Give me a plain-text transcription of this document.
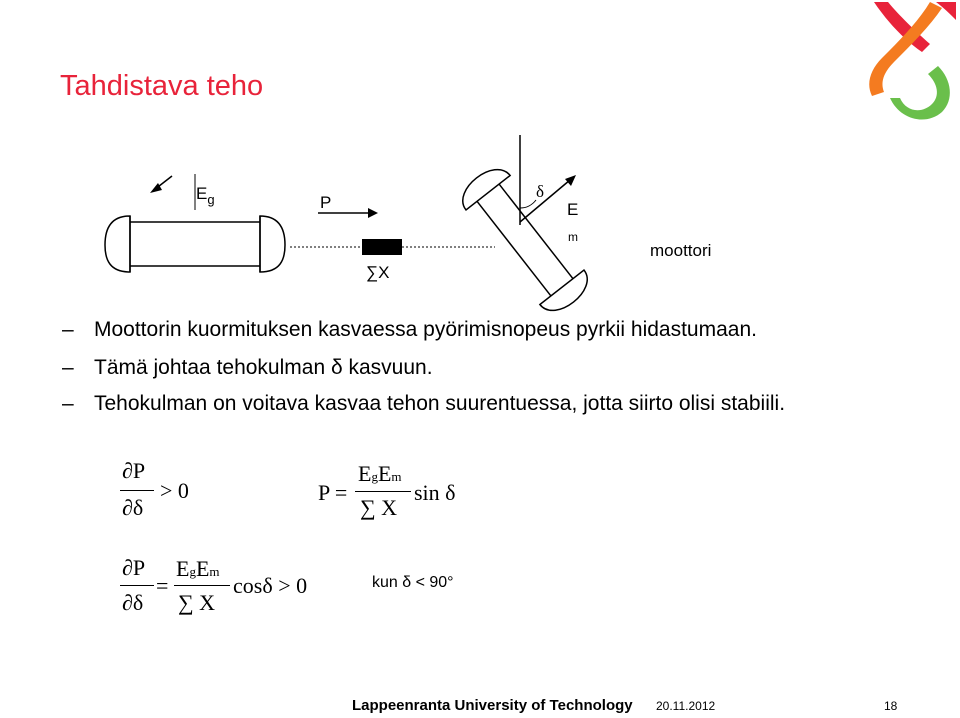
Tahdistava teho
$E_g$	P
∑X
δ
E
m
moottori
– Moottorin kuormituksen kasvaessa pyörimisnopeus pyrkii hidastumaan.
– Tämä johtaa tehokulman δ kasvuun.
– Tehokulman on voitava kasvaa tehon suurentuessa, jotta siirto olisi stabiili.
∂P
∂δ
> 0	P =
EgEm
∑ X
sin δ
∂P
∂δ
=
EgEm
∑ X
cosδ > 0	kun δ < 90°
Lappeenranta University of Technology 20.11.2012	18
